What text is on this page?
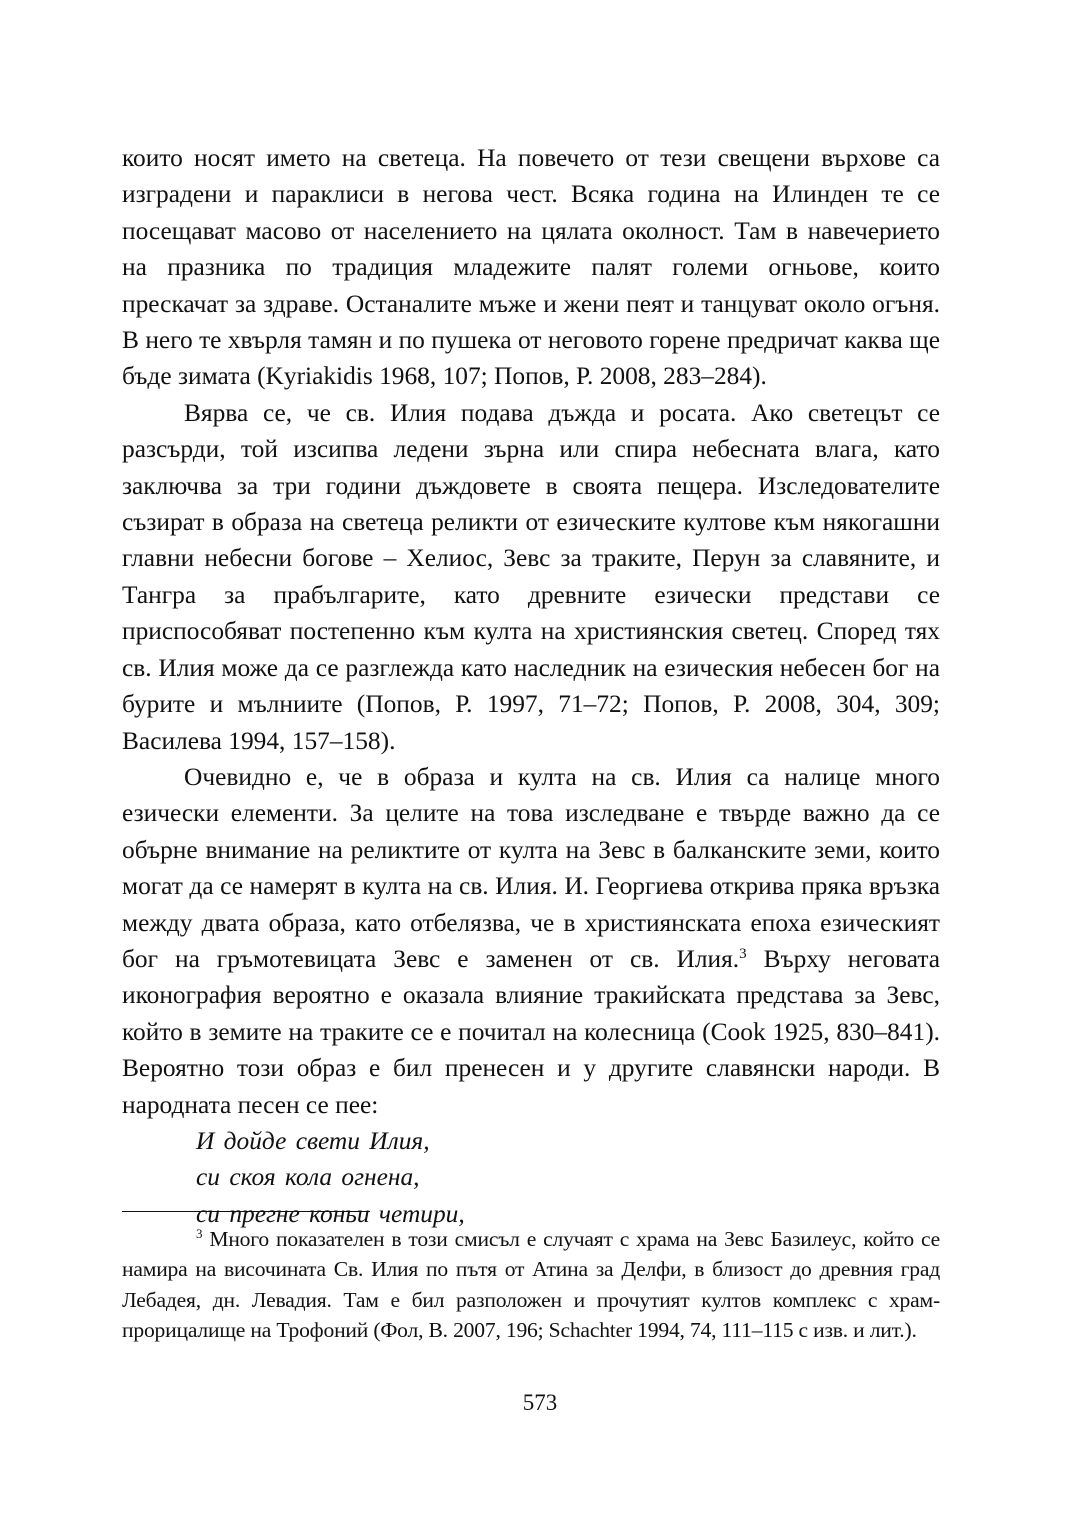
които носят името на светеца. На повечето от тези свещени върхове са изградени и параклиси в негова чест. Всяка година на Илинден те се посещават масово от населението на цялата околност. Там в навечерието на празника по традиция младежите палят големи огньове, които прескачат за здраве. Останалите мъже и жени пеят и танцуват около огъня. В него те хвърля тамян и по пушека от неговото горене предричат каква ще бъде зимата (Kyriakidis 1968, 107; Попов, Р. 2008, 283–284).

Вярва се, че св. Илия подава дъжда и росата. Ако светецът се разсърди, той изсипва ледени зърна или спира небесната влага, като заключва за три години дъждовете в своята пещера. Изследователите съзират в образа на светеца реликти от езическите култове към някогашни главни небесни богове – Хелиос, Зевс за траките, Перун за славяните, и Тангра за прабългарите, като древните езически представи се приспособяват постепенно към култа на християнския светец. Според тях св. Илия може да се разглежда като наследник на езическия небесен бог на бурите и мълниите (Попов, Р. 1997, 71–72; Попов, Р. 2008, 304, 309; Василева 1994, 157–158).

Очевидно е, че в образа и култа на св. Илия са налице много езически елементи. За целите на това изследване е твърде важно да се обърне внимание на реликтите от култа на Зевс в балканските земи, които могат да се намерят в култа на св. Илия. И. Георгиева открива пряка връзка между двата образа, като отбелязва, че в християнската епоха езическият бог на гръмотевицата Зевс е заменен от св. Илия.$^3$ Върху неговата иконография вероятно е оказала влияние тракийската представа за Зевс, който в земите на траките се е почитал на колесница (Cook 1925, 830–841). Вероятно този образ е бил пренесен и у другите славянски народи. В народната песен се пее:

И дойде свети Илия,
си скоя кола огнена,
си прегне коньи четири,

$^3$ Много показателен в този смисъл е случаят с храма на Зевс Базилеус, който се намира на височината Св. Илия по пътя от Атина за Делфи, в близост до древния град Лебадея, дн. Левадия. Там е бил разположен и прочутият култов комплекс с храм-прорицалище на Трофоний (Фол, В. 2007, 196; Schachter 1994, 74, 111–115 с изв. и лит.).

573
